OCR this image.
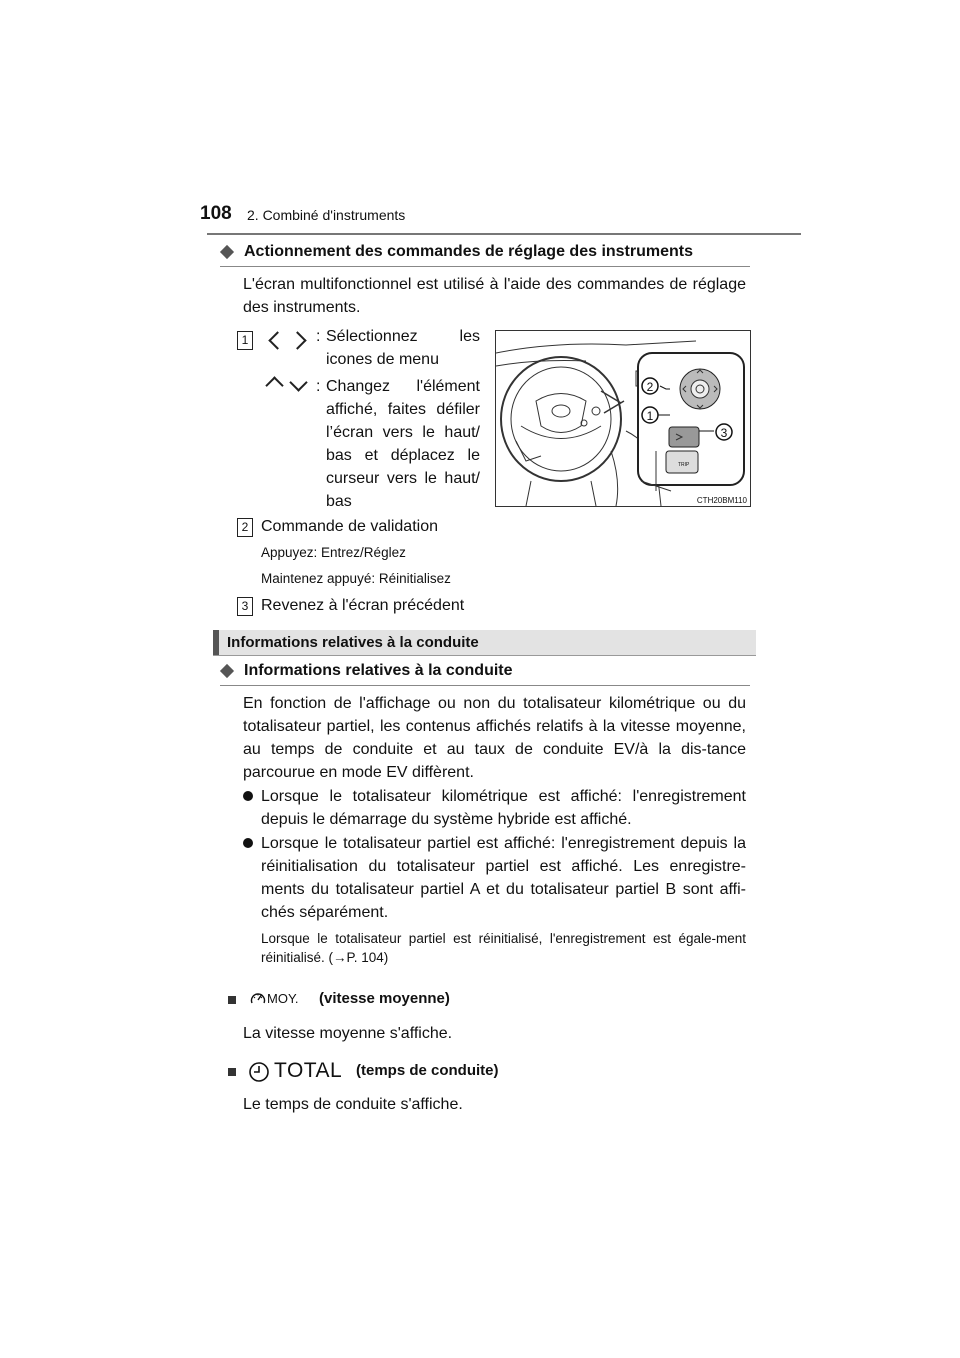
108 2. Combiné d'instruments
Actionnement des commandes de réglage des instruments
L'écran multifonctionnel est utilisé à l'aide des commandes de réglage des instruments.
1	: Sélectionnez les icones de menu
: Changez l'élément affiché, faites défiler l’écran vers le haut/ bas et déplacez le curseur vers le haut/ bas
2
1
3
TRIP
CTH20BM110
2 Commande de validation
Appuyez: Entrez/Réglez
Maintenez appuyé: Réinitialisez
3 Revenez à l'écran précédent
Informations relatives à la conduite
Informations relatives à la conduite
En fonction de l'affichage ou non du totalisateur kilométrique ou du totalisateur partiel, les contenus affichés relatifs à la vitesse moyenne, au temps de conduite et au taux de conduite EV/à la dis-tance parcourue en mode EV diffèrent.
Lorsque le totalisateur kilométrique est affiché: l'enregistrement depuis le démarrage du système hybride est affiché.
Lorsque le totalisateur partiel est affiché: l'enregistrement depuis la réinitialisation du totalisateur partiel est affiché. Les enregistre-ments du totalisateur partiel A et du totalisateur partiel B sont affi-chés séparément.
Lorsque le totalisateur partiel est réinitialisé, l'enregistrement est égale-ment réinitialisé. (→P. 104)
MOY. (vitesse moyenne)
La vitesse moyenne s'affiche.
TOTAL (temps de conduite)
Le temps de conduite s'affiche.
